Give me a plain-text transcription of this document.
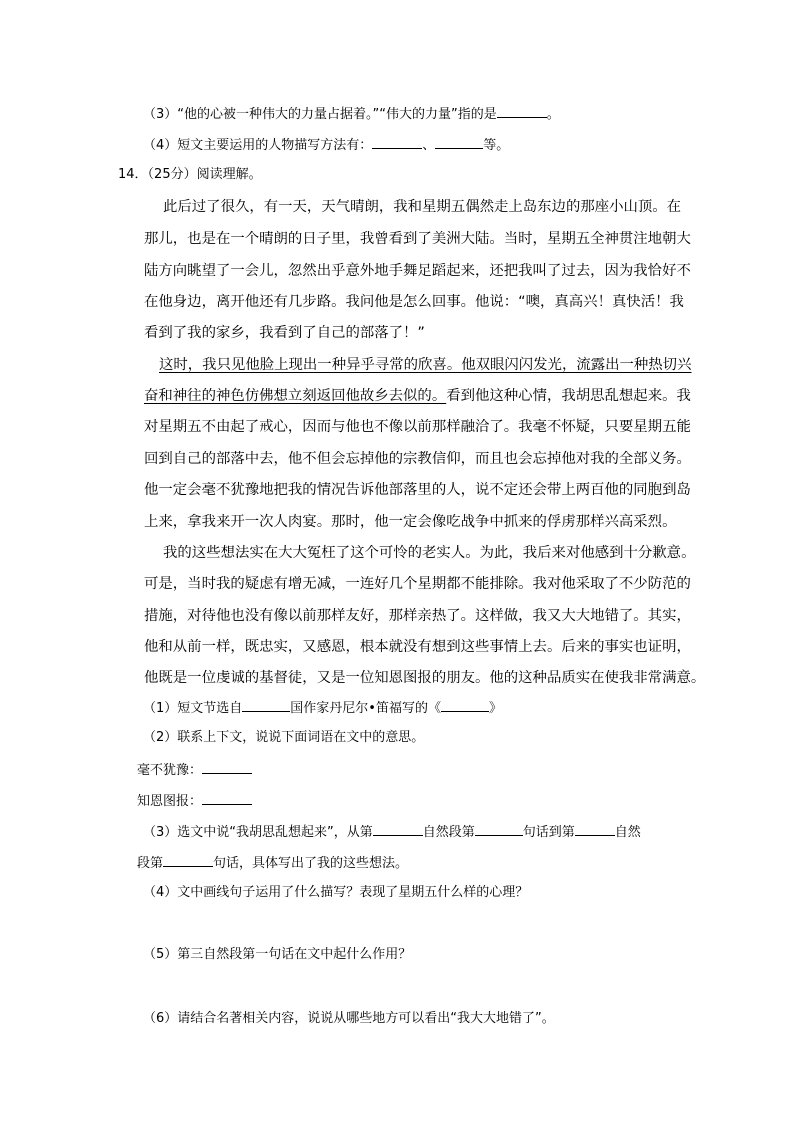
（3）“他的心被一种伟大的力量占据着。”“伟大的力量”指的是	。
（4）短文主要运用的人物描写方法有：	、	等。
14．（25分）阅读理解。
此后过了很久，有一天，天气晴朗，我和星期五偶然走上岛东边的那座小山顶。在
那儿，也是在一个晴朗的日子里，我曾看到了美洲大陆。当时，星期五全神贯注地朝大
陆方向眺望了一会儿，忽然出乎意外地手舞足蹈起来，还把我叫了过去，因为我恰好不
在他身边，离开他还有几步路。我问他是怎么回事。他说：“噢，真高兴！真快活！我
看到了我的家乡，我看到了自己的部落了！”
这时，我只见他脸上现出一种异乎寻常的欣喜。他双眼闪闪发光，流露出一种热切兴
奋和神往的神色仿佛想立刻返回他故乡去似的。看到他这种心情，我胡思乱想起来。我
对星期五不由起了戒心，因而与他也不像以前那样融洽了。我毫不怀疑，只要星期五能
回到自己的部落中去，他不但会忘掉他的宗教信仰，而且也会忘掉他对我的全部义务。
他一定会毫不犹豫地把我的情况告诉他部落里的人，说不定还会带上两百他的同胞到岛
上来，拿我来开一次人肉宴。那时，他一定会像吃战争中抓来的俘虏那样兴高采烈。
我的这些想法实在大大冤枉了这个可怜的老实人。为此，我后来对他感到十分歉意。
可是，当时我的疑虑有增无减，一连好几个星期都不能排除。我对他采取了不少防范的
措施，对待他也没有像以前那样友好，那样亲热了。这样做，我又大大地错了。其实，
他和从前一样，既忠实，又感恩，根本就没有想到这些事情上去。后来的事实也证明，
他既是一位虔诚的基督徒，又是一位知恩图报的朋友。他的这种品质实在使我非常满意。
（1）短文节选自	国作家丹尼尔•笛福写的《	》
（2）联系上下文，说说下面词语在文中的意思。
毫不犹豫：
知恩图报：
（3）选文中说“我胡思乱想起来”，从第	自然段第	句话到第	自然
段第	句话，具体写出了我的这些想法。
（4）文中画线句子运用了什么描写？表现了星期五什么样的心理？
（5）第三自然段第一句话在文中起什么作用？
（6）请结合名著相关内容，说说从哪些地方可以看出“我大大地错了”。
